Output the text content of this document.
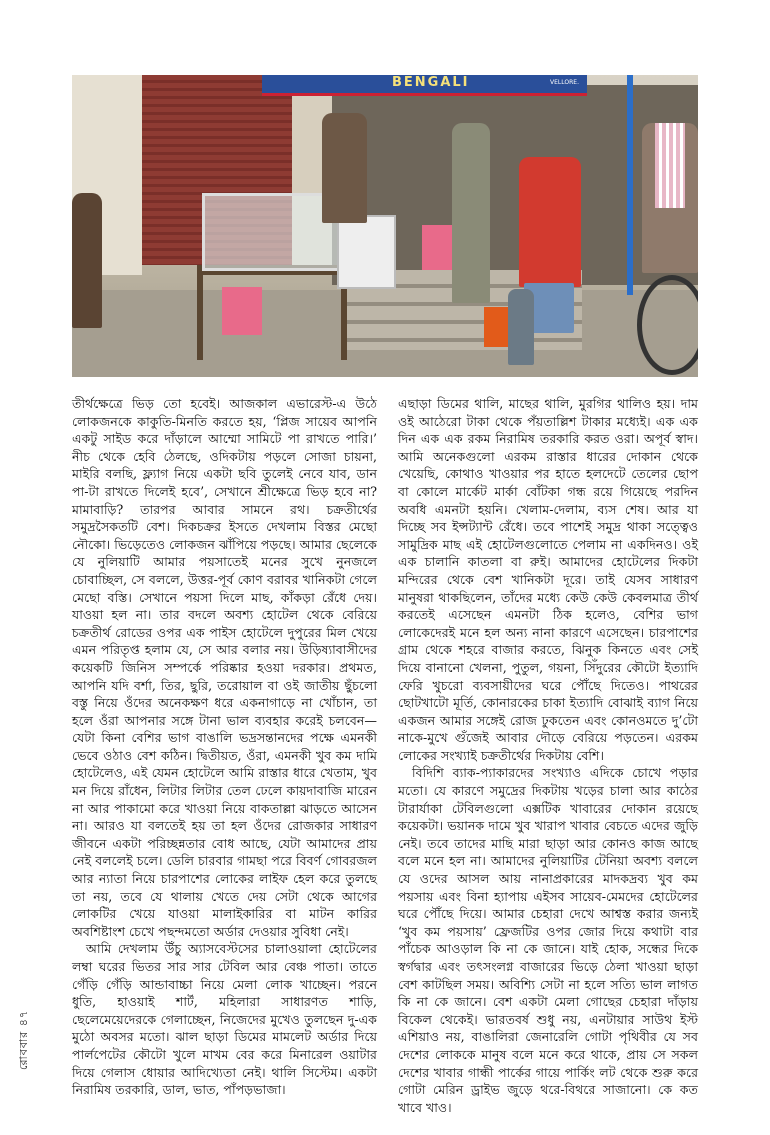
BENGALI	VELLORE.

তীর্থক্ষেত্রে ভিড় তো হবেই। আজকাল এভারেস্ট-এ উঠে লোকজনকে কাকুতি-মিনতি করতে হয়, ‘প্লিজ সায়েব আপনি একটু সাইড করে দাঁড়ালে আম্মো সামিটে পা রাখতে পারি।’ নীচ থেকে হেবি ঠেলছে, ওদিকটায় পড়লে সোজা চায়না, মাইরি বলছি, ফ্ল্যাগ নিয়ে একটা ছবি তুলেই নেবে যাব, ডান পা-টা রাখতে দিলেই হবে’, সেখানে শ্রীক্ষেত্রে ভিড় হবে না? মামাবাড়ি? তারপর আবার সামনে রথ। চক্রতীর্থের সমুদ্রসৈকতটি বেশ। দিকচক্রর ইসতে দেখলাম বিস্তর মেছো নৌকো। ভিড়েতেও লোকজন ঝাঁপিয়ে পড়ছে। আমার ছেলেকে যে নুলিয়াটি আমার পয়সাতেই মনের সুখে নুনজলে চোবাচ্ছিল, সে বললে, উত্তর-পূর্ব কোণ বরাবর খানিকটা গেলে মেছো বস্তি। সেখানে পয়সা দিলে মাছ, কাঁকড়া রেঁধে দেয়। যাওয়া হল না। তার বদলে অবশ্য হোটেল থেকে বেরিয়ে চক্রতীর্থ রোডের ওপর এক পাইস হোটেলে দুপুরের মিল খেয়ে এমন পরিতৃপ্ত হলাম যে, সে আর বলার নয়। উড়িষ্যাবাসীদের কয়েকটি জিনিস সম্পর্কে পরিষ্কার হওয়া দরকার। প্রথমত, আপনি যদি বর্শা, তির, ছুরি, তরোয়াল বা ওই জাতীয় ছুঁচলো বস্তু নিয়ে ওঁদের অনেকক্ষণ ধরে একনাগাড়ে না খোঁচান, তা হলে ওঁরা আপনার সঙ্গে টানা ভাল ব্যবহার করেই চলবেন—যেটা কিনা বেশির ভাগ বাঙালি ভদ্রসন্তানদের পক্ষে এমনকী ভেবে ওঠাও বেশ কঠিন। দ্বিতীয়ত, ওঁরা, এমনকী খুব কম দামি হোটেলেও, এই যেমন হোটেলে আমি রাস্তার ধারে খেতাম, খুব মন দিয়ে রাঁধেন, লিটার লিটার তেল ঢেলে কায়দাবাজি মারেন না আর পাকামো করে খাওয়া নিয়ে বাকতাল্লা ঝাড়তে আসেন না। আরও যা বলতেই হয় তা হল ওঁদের রোজকার সাধারণ জীবনে একটা পরিচ্ছন্নতার বোধ আছে, যেটা আমাদের প্রায় নেই বললেই চলে। ডেলি চারবার গামছা পরে বিবর্ণ গোবরজল আর ন্যাতা নিয়ে চারপাশের লোকের লাইফ হেল করে তুলছে তা নয়, তবে যে থালায় খেতে দেয় সেটা থেকে আগের লোকটির খেয়ে যাওয়া মালাইকারির বা মাটন কারির অবশিষ্টাংশ চেখে পছন্দমতো অর্ডার দেওয়ার সুবিধা নেই।

আমি দেখলাম উঁচু অ্যাসবেস্টসের চালাওয়ালা হোটেলের লম্বা ঘরের ভিতর সার সার টেবিল আর বেঞ্চ পাতা। তাতে গেঁড়ি গেঁড়ি আন্ডাবাচ্চা নিয়ে মেলা লোক খাচ্ছেন। পরনে ধুতি, হাওয়াই শার্ট, মহিলারা সাধারণত শাড়ি, ছেলেমেয়েদেরকে গেলাচ্ছেন, নিজেদের মুখেও তুলছেন দু-এক মুঠো অবসর মতো। ঝাল ছাড়া ডিমের মামলেট অর্ডার দিয়ে পার্লপেটের কৌটো খুলে মাখম বের করে মিনারেল ওয়াটার দিয়ে গেলাস ধোয়ার আদিখ্যেতা নেই। থালি সিস্টেম। একটা নিরামিষ তরকারি, ডাল, ভাত, পাঁপড়ভাজা।

এছাড়া ডিমের থালি, মাছের থালি, মুরগির থালিও হয়। দাম ওই আঠেরো টাকা থেকে পঁয়তাল্লিশ টাকার মধ্যেই। এক এক দিন এক এক রকম নিরামিষ তরকারি করত ওরা। অপূর্ব স্বাদ। আমি অনেকগুলো এরকম রাস্তার ধারের দোকান থেকে খেয়েছি, কোথাও খাওয়ার পর হাতে হলদেটে তেলের ছোপ বা কোলে মার্কেট মার্কা বোঁটকা গন্ধ রয়ে গিয়েছে পরদিন অবধি এমনটা হয়নি। খেলাম-দেলাম, ব্যস শেষ। আর যা দিচ্ছে সব ইন্সট্যান্ট রেঁধে। তবে পাশেই সমুদ্র থাকা সত্ত্বেও সামুদ্রিক মাছ এই হোটেলগুলোতে পেলাম না একদিনও। ওই এক চালানি কাতলা বা রুই। আমাদের হোটেলের দিকটা মন্দিরের থেকে বেশ খানিকটা দূরে। তাই যেসব সাধারণ মানুষরা থাকছিলেন, তাঁদের মধ্যে কেউ কেউ কেবলমাত্র তীর্থ করতেই এসেছেন এমনটা ঠিক হলেও, বেশির ভাগ লোকেদেরই মনে হল অন্য নানা কারণে এসেছেন। চারপাশের গ্রাম থেকে শহরে বাজার করতে, ঝিনুক কিনতে এবং সেই দিয়ে বানানো খেলনা, পুতুল, গয়না, সিঁদুরের কৌটো ইত্যাদি ফেরি খুচরো ব্যবসায়ীদের ঘরে পৌঁছে দিতেও। পাথরের ছোটখাটো মূর্তি, কোনারকের চাকা ইত্যাদি বোঝাই ব্যাগ নিয়ে একজন আমার সঙ্গেই রোজ ঢুকতেন এবং কোনওমতে দু’টো নাকে-মুখে গুঁজেই আবার দৌড়ে বেরিয়ে পড়তেন। এরকম লোকের সংখ্যাই চক্রতীর্থের দিকটায় বেশি।

বিদিশি ব্যাক-প্যাকারদের সংখ্যাও এদিকে চোখে পড়ার মতো। যে কারণে সমুদ্রের দিকটায় খড়ের চালা আর কাঠের টারার্যাকা টেবিলগুলো এক্সটিক খাবারের দোকান রয়েছে কয়েকটা। ভয়ানক দামে খুব খারাপ খাবার বেচতে এদের জুড়ি নেই। তবে তাদের মাছি মারা ছাড়া আর কোনও কাজ আছে বলে মনে হল না। আমাদের নুলিয়াটির টেনিয়া অবশ্য বললে যে ওদের আসল আয় নানাপ্রকারের মাদকদ্রব্য খুব কম পয়সায় এবং বিনা হ্যাপায় এইসব সায়েব-মেমদের হোটেলের ঘরে পৌঁছে দিয়ে। আমার চেহারা দেখে আশ্বস্ত করার জন্যই ‘খুব কম পয়সায়’ ফ্রেজটির ওপর জোর দিয়ে কথাটা বার পাঁচেক আওড়াল কি না কে জানে। যাই হোক, সন্ধের দিকে স্বর্গদ্বার এবং তৎসংলগ্ন বাজারের ভিড়ে ঠেলা খাওয়া ছাড়া বেশ কাটছিল সময়। অবিশ্যি সেটা না হলে সত্যি ভাল লাগত কি না কে জানে। বেশ একটা মেলা গোছের চেহারা দাঁড়ায় বিকেল থেকেই। ভারতবর্ষ শুধু নয়, এনটায়ার সাউথ ইস্ট এশিয়াও নয়, বাঙালিরা জেনারেলি গোটা পৃথিবীর যে সব দেশের লোককে মানুষ বলে মনে করে থাকে, প্রায় সে সকল দেশের খাবার গান্ধী পার্কের গায়ে পার্কিং লট থেকে শুরু করে গোটা মেরিন ড্রাইভ জুড়ে থরে-বিথরে সাজানো। কে কত খাবে খাও।

রোববার ৪৭
